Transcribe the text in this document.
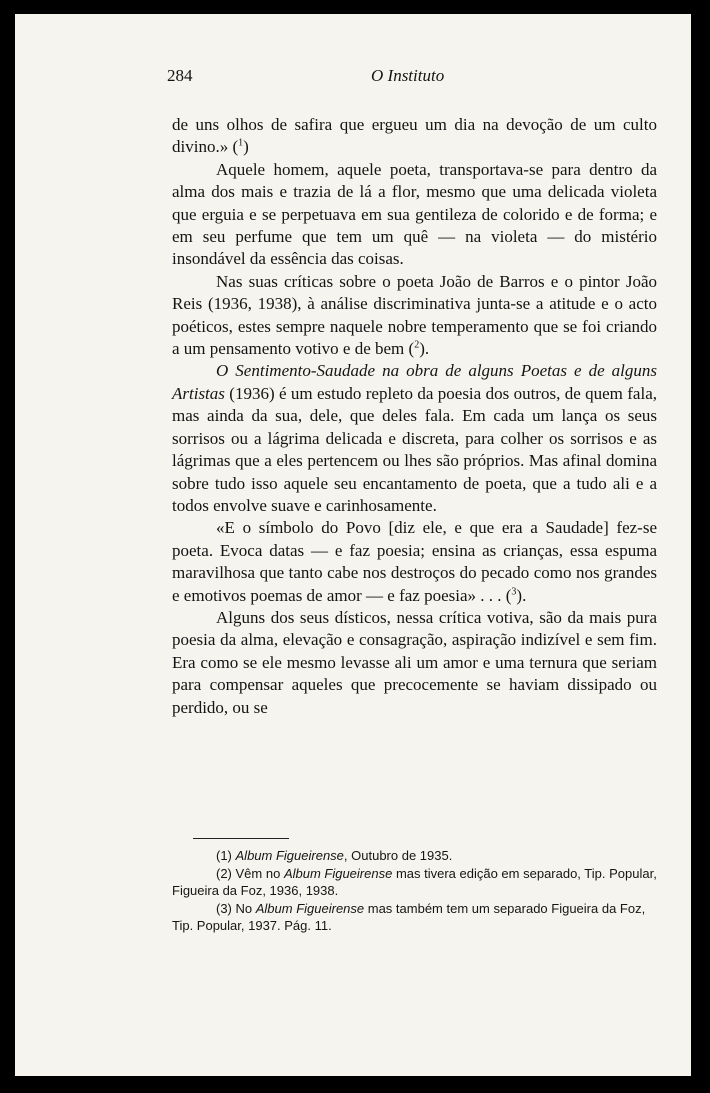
284	O Instituto

de uns olhos de safira que ergueu um dia na devoção de um culto divino.» ($^1$)

Aquele homem, aquele poeta, transportava-se para dentro da alma dos mais e trazia de lá a flor, mesmo que uma delicada violeta que erguia e se perpetuava em sua gentileza de colorido e de forma; e em seu perfume que tem um quê — na violeta — do mistério insondável da essência das coisas.

Nas suas críticas sobre o poeta João de Barros e o pintor João Reis (1936, 1938), à análise discriminativa junta-se a atitude e o acto poéticos, estes sempre naquele nobre temperamento que se foi criando a um pensamento votivo e de bem ($^2$).

O Sentimento-Saudade na obra de alguns Poetas e de alguns Artistas (1936) é um estudo repleto da poesia dos outros, de quem fala, mas ainda da sua, dele, que deles fala. Em cada um lança os seus sorrisos ou a lágrima delicada e discreta, para colher os sorrisos e as lágrimas que a eles pertencem ou lhes são próprios. Mas afinal domina sobre tudo isso aquele seu encantamento de poeta, que a tudo ali e a todos envolve suave e carinhosamente.

«E o símbolo do Povo [diz ele, e que era a Saudade] fez-se poeta. Evoca datas — e faz poesia; ensina as crianças, essa espuma maravilhosa que tanto cabe nos destroços do pecado como nos grandes e emotivos poemas de amor — e faz poesia» . . . ($^3$).

Alguns dos seus dísticos, nessa crítica votiva, são da mais pura poesia da alma, elevação e consagração, aspiração indizível e sem fim. Era como se ele mesmo levasse ali um amor e uma ternura que seriam para compensar aqueles que precocemente se haviam dissipado ou perdido, ou se

(1) Album Figueirense, Outubro de 1935.

(2) Vêm no Album Figueirense mas tivera edição em separado, Tip. Popular, Figueira da Foz, 1936, 1938.

(3) No Album Figueirense mas também tem um separado Figueira da Foz, Tip. Popular, 1937. Pág. 11.
